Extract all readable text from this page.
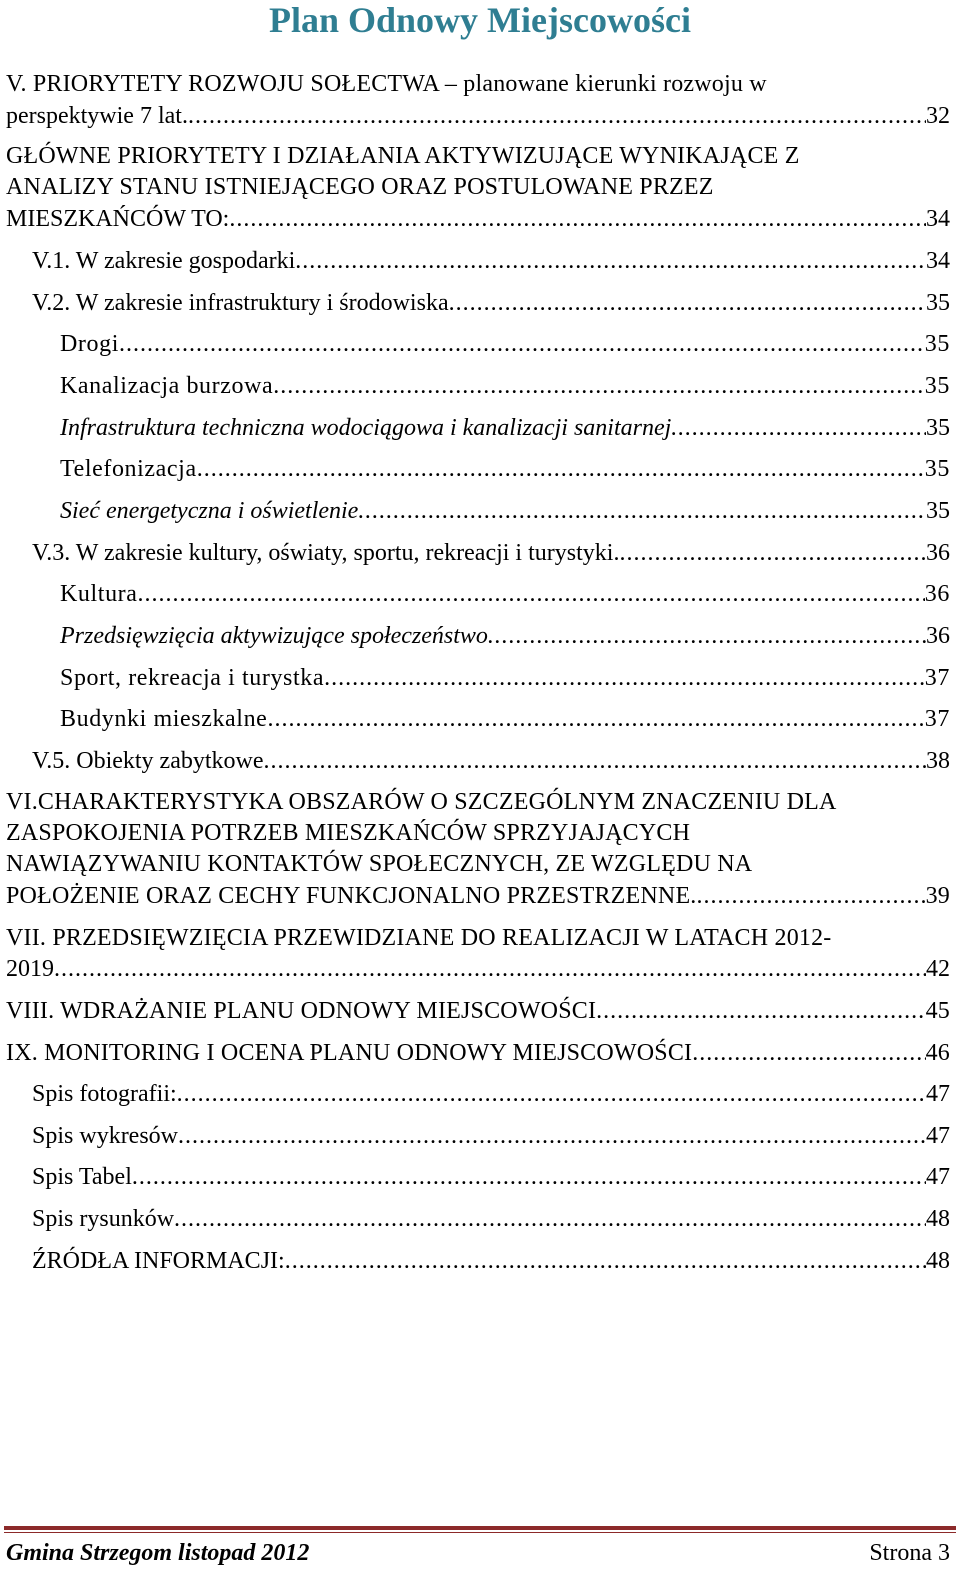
Plan Odnowy Miejscowości
V. PRIORYTETY ROZWOJU SOŁECTWA – planowane kierunki rozwoju w
perspektywie 7 lat. . . .	32
GŁÓWNE PRIORYTETY I DZIAŁANIA AKTYWIZUJĄCE WYNIKAJĄCE Z
ANALIZY STANU ISTNIEJĄCEGO ORAZ POSTULOWANE PRZEZ
MIESZKAŃCÓW TO: . . .	34
V.1. W zakresie gospodarki . . .	34
V.2. W zakresie infrastruktury i środowiska . . .	35
Drogi . . .	35
Kanalizacja burzowa . . .	35
Infrastruktura techniczna wodociągowa i kanalizacji sanitarnej . . .	35
Telefonizacja . . .	35
Sieć energetyczna i oświetlenie . . .	35
V.3. W zakresie kultury, oświaty, sportu, rekreacji i turystyki. . . .	36
Kultura . . .	36
Przedsięwzięcia aktywizujące społeczeństwo . . .	36
Sport, rekreacja i turystka . . .	37
Budynki mieszkalne . . .	37
V.5. Obiekty zabytkowe . . .	38
VI.CHARAKTERYSTYKA OBSZARÓW O SZCZEGÓLNYM ZNACZENIU DLA
ZASPOKOJENIA POTRZEB MIESZKAŃCÓW SPRZYJAJĄCYCH
NAWIĄZYWANIU KONTAKTÓW SPOŁECZNYCH, ZE WZGLĘDU NA
POŁOŻENIE ORAZ CECHY FUNKCJONALNO PRZESTRZENNE. . . .	39
VII. PRZEDSIĘWZIĘCIA PRZEWIDZIANE DO REALIZACJI W LATACH 2012-
2019 . . .	42
VIII. WDRAŻANIE PLANU ODNOWY MIEJSCOWOŚCI . . .	45
IX. MONITORING I OCENA PLANU ODNOWY MIEJSCOWOŚCI . . .	46
Spis fotografii: . . .	47
Spis wykresów . . .	47
Spis Tabel . . .	47
Spis rysunków . . .	48
ŹRÓDŁA INFORMACJI: . . .	48
Gmina Strzegom listopad 2012	Strona 3
